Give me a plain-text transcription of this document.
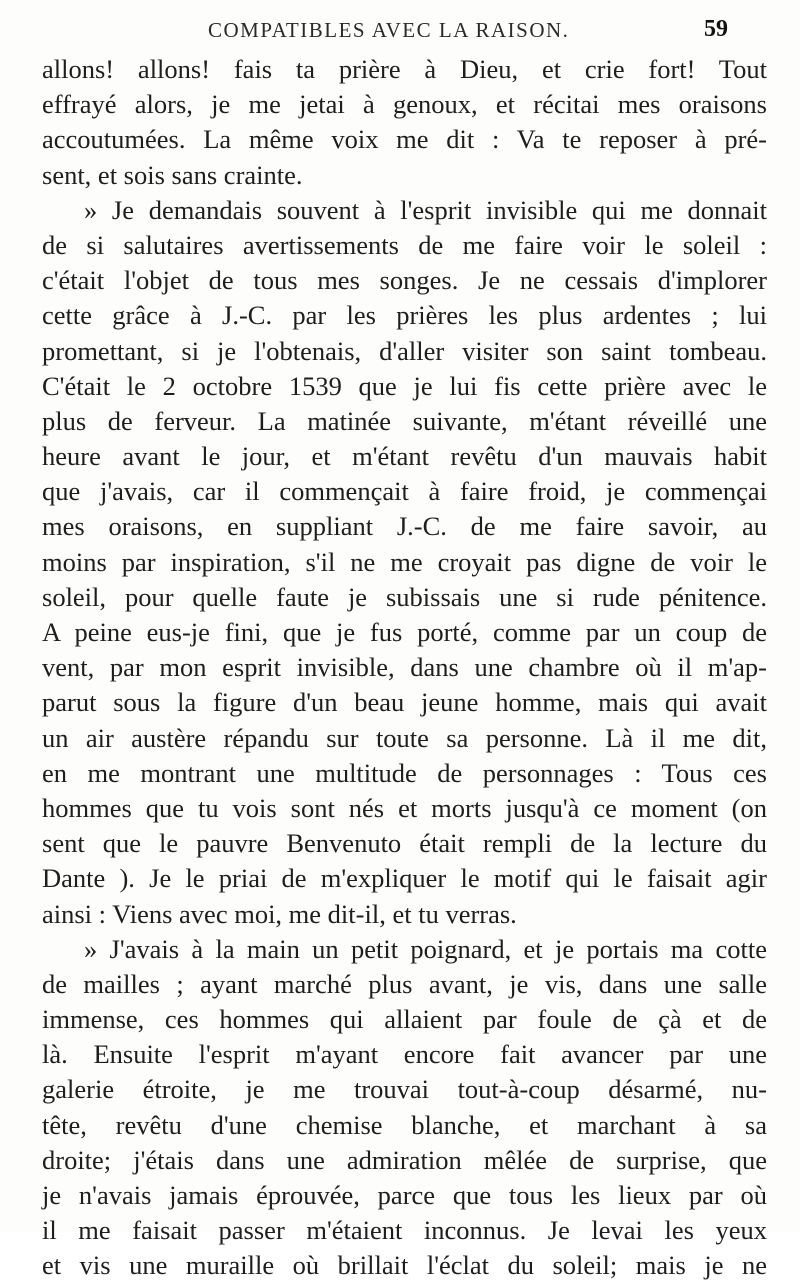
COMPATIBLES AVEC LA RAISON.	59
allons! allons! fais ta prière à Dieu, et crie fort! Tout
effrayé alors, je me jetai à genoux, et récitai mes oraisons
accoutumées. La même voix me dit : Va te reposer à pré-
sent, et sois sans crainte.
» Je demandais souvent à l'esprit invisible qui me donnait
de si salutaires avertissements de me faire voir le soleil :
c'était l'objet de tous mes songes. Je ne cessais d'implorer
cette grâce à J.-C. par les prières les plus ardentes ; lui
promettant, si je l'obtenais, d'aller visiter son saint tombeau.
C'était le 2 octobre 1539 que je lui fis cette prière avec le
plus de ferveur. La matinée suivante, m'étant réveillé une
heure avant le jour, et m'étant revêtu d'un mauvais habit
que j'avais, car il commençait à faire froid, je commençai
mes oraisons, en suppliant J.-C. de me faire savoir, au
moins par inspiration, s'il ne me croyait pas digne de voir le
soleil, pour quelle faute je subissais une si rude pénitence.
A peine eus-je fini, que je fus porté, comme par un coup de
vent, par mon esprit invisible, dans une chambre où il m'ap-
parut sous la figure d'un beau jeune homme, mais qui avait
un air austère répandu sur toute sa personne. Là il me dit,
en me montrant une multitude de personnages : Tous ces
hommes que tu vois sont nés et morts jusqu'à ce moment (on
sent que le pauvre Benvenuto était rempli de la lecture du
Dante ). Je le priai de m'expliquer le motif qui le faisait agir
ainsi : Viens avec moi, me dit-il, et tu verras.
» J'avais à la main un petit poignard, et je portais ma cotte
de mailles ; ayant marché plus avant, je vis, dans une salle
immense, ces hommes qui allaient par foule de çà et de
là. Ensuite l'esprit m'ayant encore fait avancer par une
galerie étroite, je me trouvai tout-à-coup désarmé, nu-
tête, revêtu d'une chemise blanche, et marchant à sa
droite; j'étais dans une admiration mêlée de surprise, que
je n'avais jamais éprouvée, parce que tous les lieux par où
il me faisait passer m'étaient inconnus. Je levai les yeux
et vis une muraille où brillait l'éclat du soleil; mais je ne
